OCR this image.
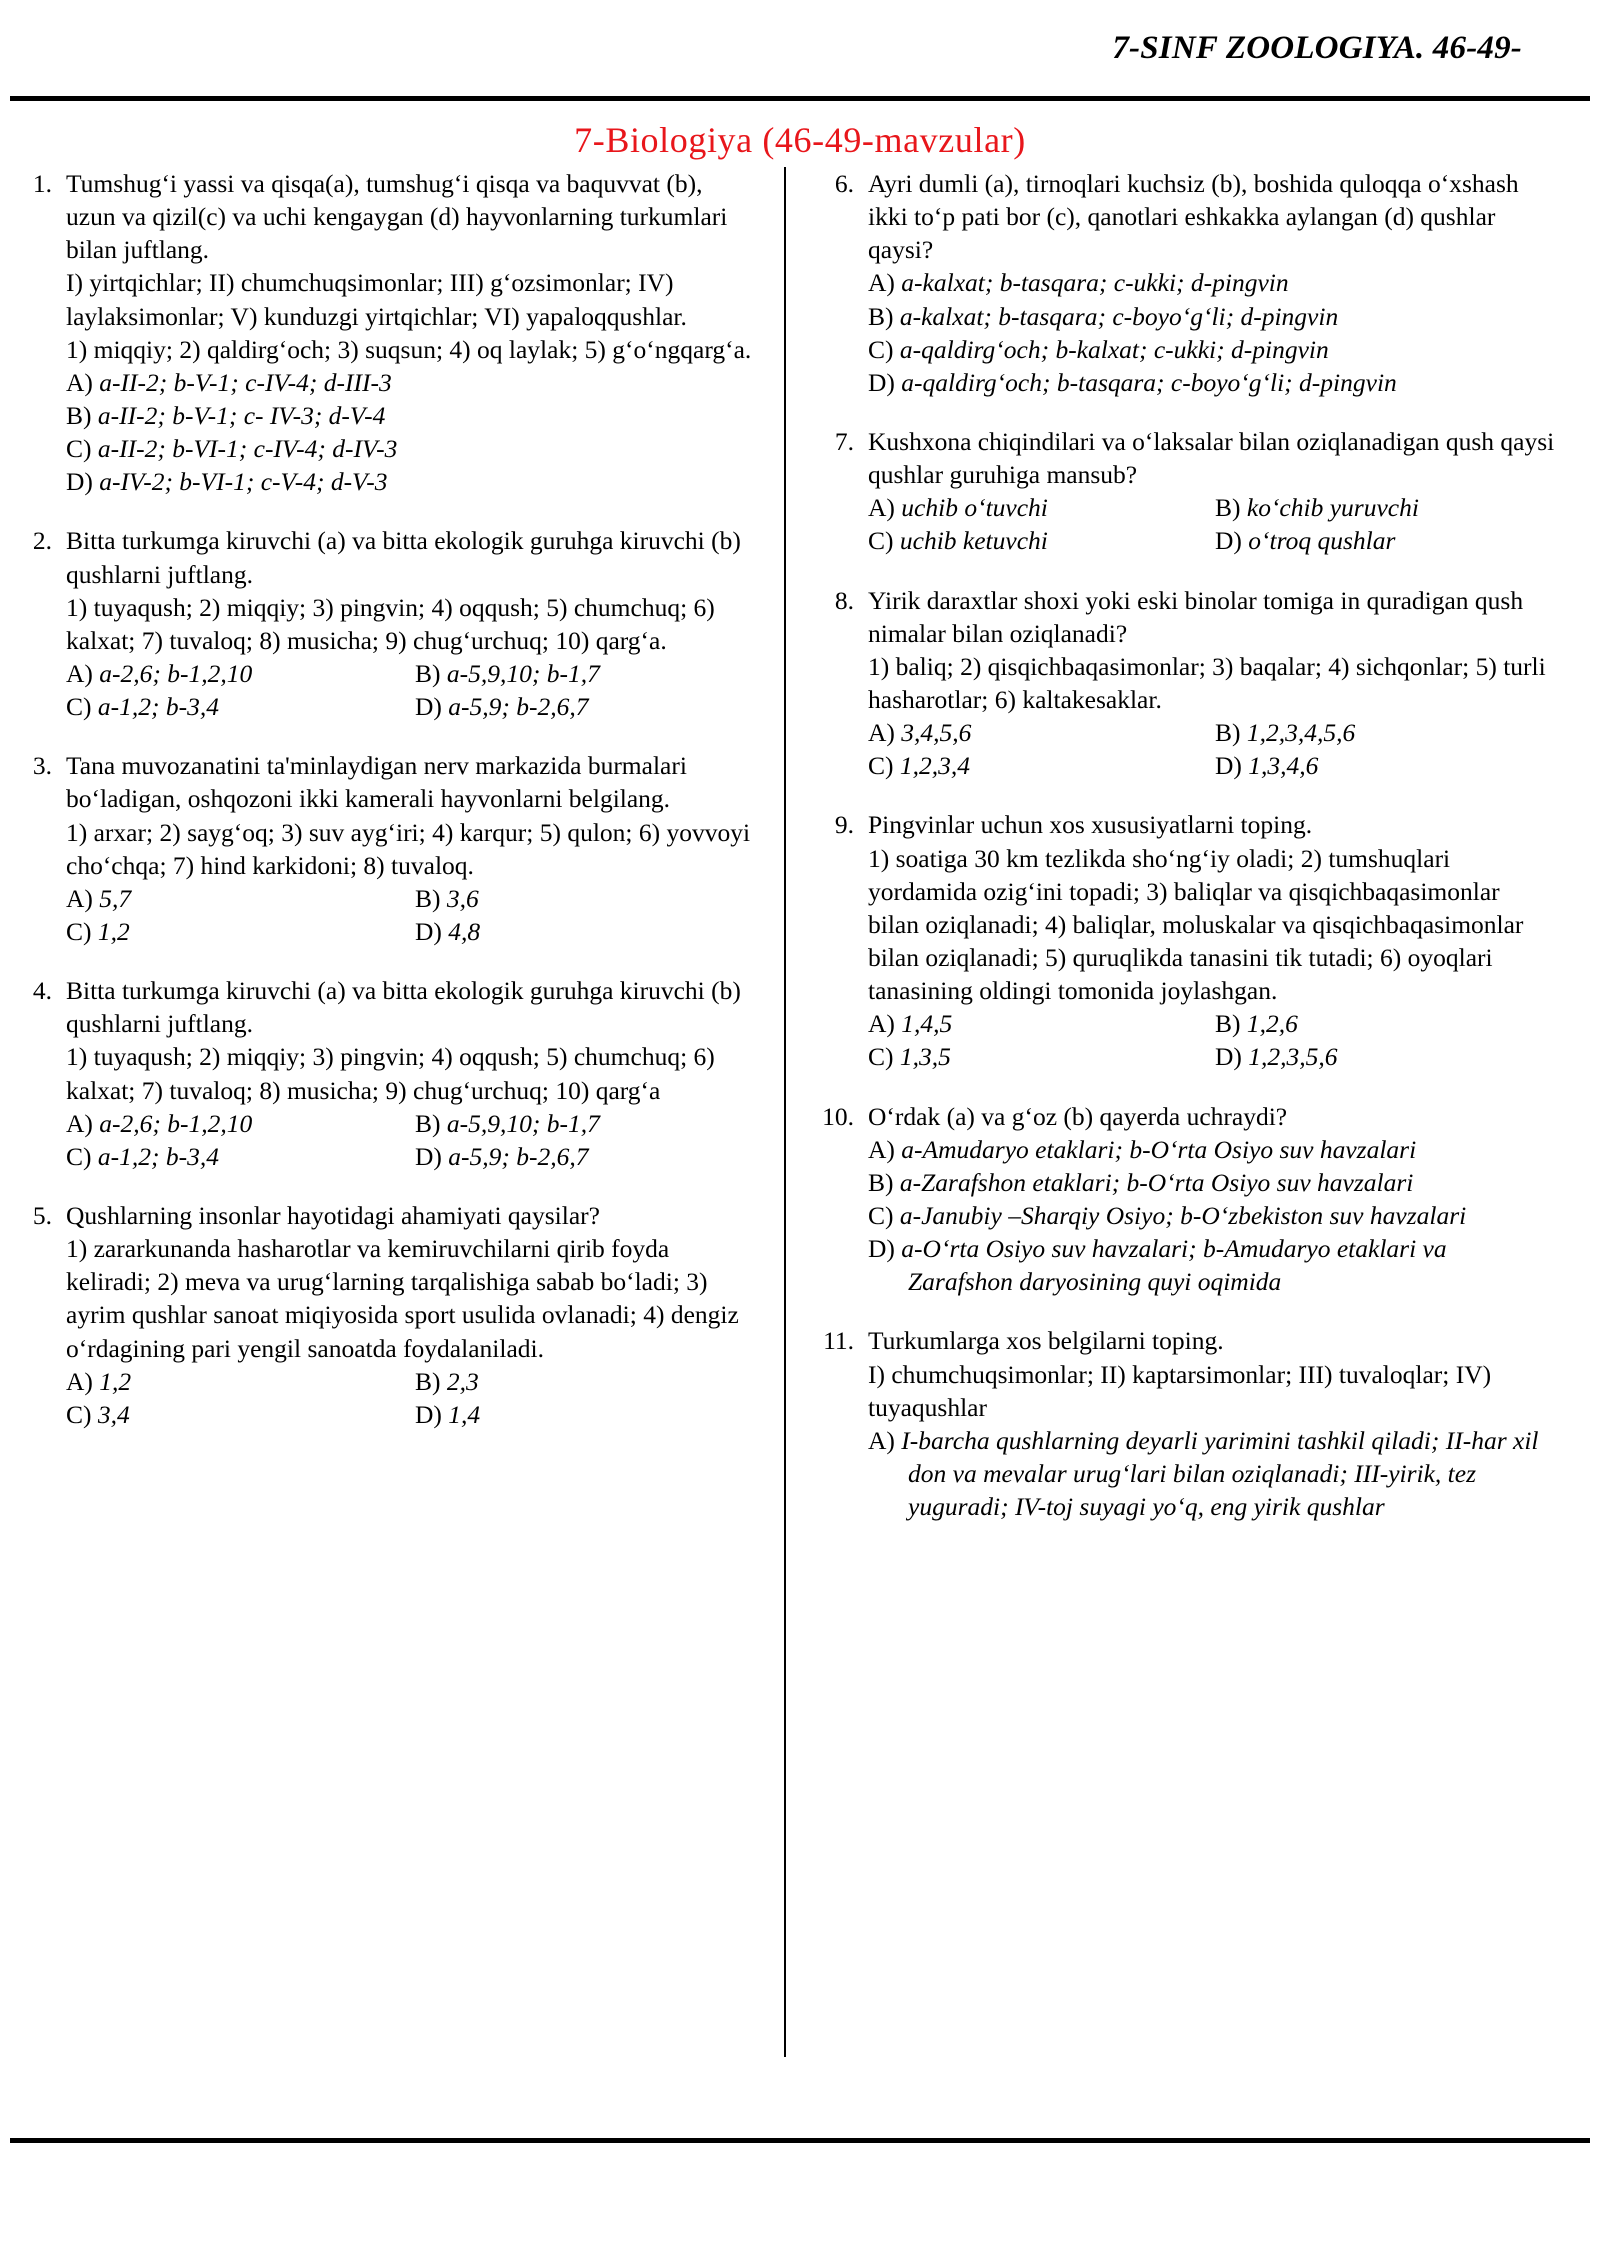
7-SINF ZOOLOGIYA. 46-49-
7-Biologiya (46-49-mavzular)
1. Tumshug‘i yassi va qisqa(a), tumshug‘i qisqa va baquvvat (b), uzun va qizil(c) va uchi kengaygan (d) hayvonlarning turkumlari bilan juftlang.
I) yirtqichlar; II) chumchuqsimonlar; III) g‘ozsimonlar; IV) laylaksimonlar; V) kunduzgi yirtqichlar; VI) yapaloqqushlar.
1) miqqiy; 2) qaldirg‘och; 3) suqsun; 4) oq laylak; 5) g‘o‘ngqarg‘a.
A) a-II-2; b-V-1; c-IV-4; d-III-3
B) a-II-2; b-V-1; c- IV-3; d-V-4
C) a-II-2; b-VI-1; c-IV-4; d-IV-3
D) a-IV-2; b-VI-1; c-V-4; d-V-3
2. Bitta turkumga kiruvchi (a) va bitta ekologik guruhga kiruvchi (b) qushlarni juftlang.
1) tuyaqush; 2) miqqiy; 3) pingvin; 4) oqqush; 5) chumchuq; 6) kalxat; 7) tuvaloq; 8) musicha; 9) chug‘urchuq; 10) qarg‘a.
A) a-2,6; b-1,2,10	B) a-5,9,10; b-1,7
C) a-1,2; b-3,4	D) a-5,9; b-2,6,7
3. Tana muvozanatini ta'minlaydigan nerv markazida burmalari bo‘ladigan, oshqozoni ikki kamerali hayvonlarni belgilang.
1) arxar; 2) sayg‘oq; 3) suv ayg‘iri; 4) karqur; 5) qulon; 6) yovvoyi cho‘chqa; 7) hind karkidoni; 8) tuvaloq.
A) 5,7	B) 3,6
C) 1,2	D) 4,8
4. Bitta turkumga kiruvchi (a) va bitta ekologik guruhga kiruvchi (b) qushlarni juftlang.
1) tuyaqush; 2) miqqiy; 3) pingvin; 4) oqqush; 5) chumchuq; 6) kalxat; 7) tuvaloq; 8) musicha; 9) chug‘urchuq; 10) qarg‘a
A) a-2,6; b-1,2,10	B) a-5,9,10; b-1,7
C) a-1,2; b-3,4	D) a-5,9; b-2,6,7
5. Qushlarning insonlar hayotidagi ahamiyati qaysilar?
1) zararkunanda hasharotlar va kemiruvchilarni qirib foyda keliradi; 2) meva va urug‘larning tarqalishiga sabab bo‘ladi; 3) ayrim qushlar sanoat miqiyosida sport usulida ovlanadi; 4) dengiz o‘rdagining pari yengil sanoatda foydalaniladi.
A) 1,2	B) 2,3
C) 3,4	D) 1,4
6. Ayri dumli (a), tirnoqlari kuchsiz (b), boshida quloqqa o‘xshash ikki to‘p pati bor (c), qanotlari eshkakka aylangan (d) qushlar qaysi?
A) a-kalxat; b-tasqara; c-ukki; d-pingvin
B) a-kalxat; b-tasqara; c-boyo‘g‘li; d-pingvin
C) a-qaldirg‘och; b-kalxat; c-ukki; d-pingvin
D) a-qaldirg‘och; b-tasqara; c-boyo‘g‘li; d-pingvin
7. Kushxona chiqindilari va o‘laksalar bilan oziqlanadigan qush qaysi qushlar guruhiga mansub?
A) uchib o‘tuvchi	B) ko‘chib yuruvchi
C) uchib ketuvchi	D) o‘troq qushlar
8. Yirik daraxtlar shoxi yoki eski binolar tomiga in quradigan qush nimalar bilan oziqlanadi?
1) baliq; 2) qisqichbaqasimonlar; 3) baqalar; 4) sichqonlar; 5) turli hasharotlar; 6) kaltakesaklar.
A) 3,4,5,6	B) 1,2,3,4,5,6
C) 1,2,3,4	D) 1,3,4,6
9. Pingvinlar uchun xos xususiyatlarni toping.
1) soatiga 30 km tezlikda sho‘ng‘iy oladi; 2) tumshuqlari yordamida ozig‘ini topadi; 3) baliqlar va qisqichbaqasimonlar bilan oziqlanadi; 4) baliqlar, moluskalar va qisqichbaqasimonlar bilan oziqlanadi; 5) quruqlikda tanasini tik tutadi; 6) oyoqlari tanasining oldingi tomonida joylashgan.
A) 1,4,5	B) 1,2,6
C) 1,3,5	D) 1,2,3,5,6
10. O‘rdak (a) va g‘oz (b) qayerda uchraydi?
A) a-Amudaryo etaklari; b-O‘rta Osiyo suv havzalari
B) a-Zarafshon etaklari; b-O‘rta Osiyo suv havzalari
C) a-Janubiy –Sharqiy Osiyo; b-O‘zbekiston suv havzalari
D) a-O‘rta Osiyo suv havzalari; b-Amudaryo etaklari va Zarafshon daryosining quyi oqimida
11. Turkumlarga xos belgilarni toping.
I) chumchuqsimonlar; II) kaptarsimonlar; III) tuvaloqlar; IV) tuyaqushlar
A) I-barcha qushlarning deyarli yarimini tashkil qiladi; II-har xil don va mevalar urug‘lari bilan oziqlanadi; III-yirik, tez yuguradi; IV-toj suyagi yo‘q, eng yirik qushlar
